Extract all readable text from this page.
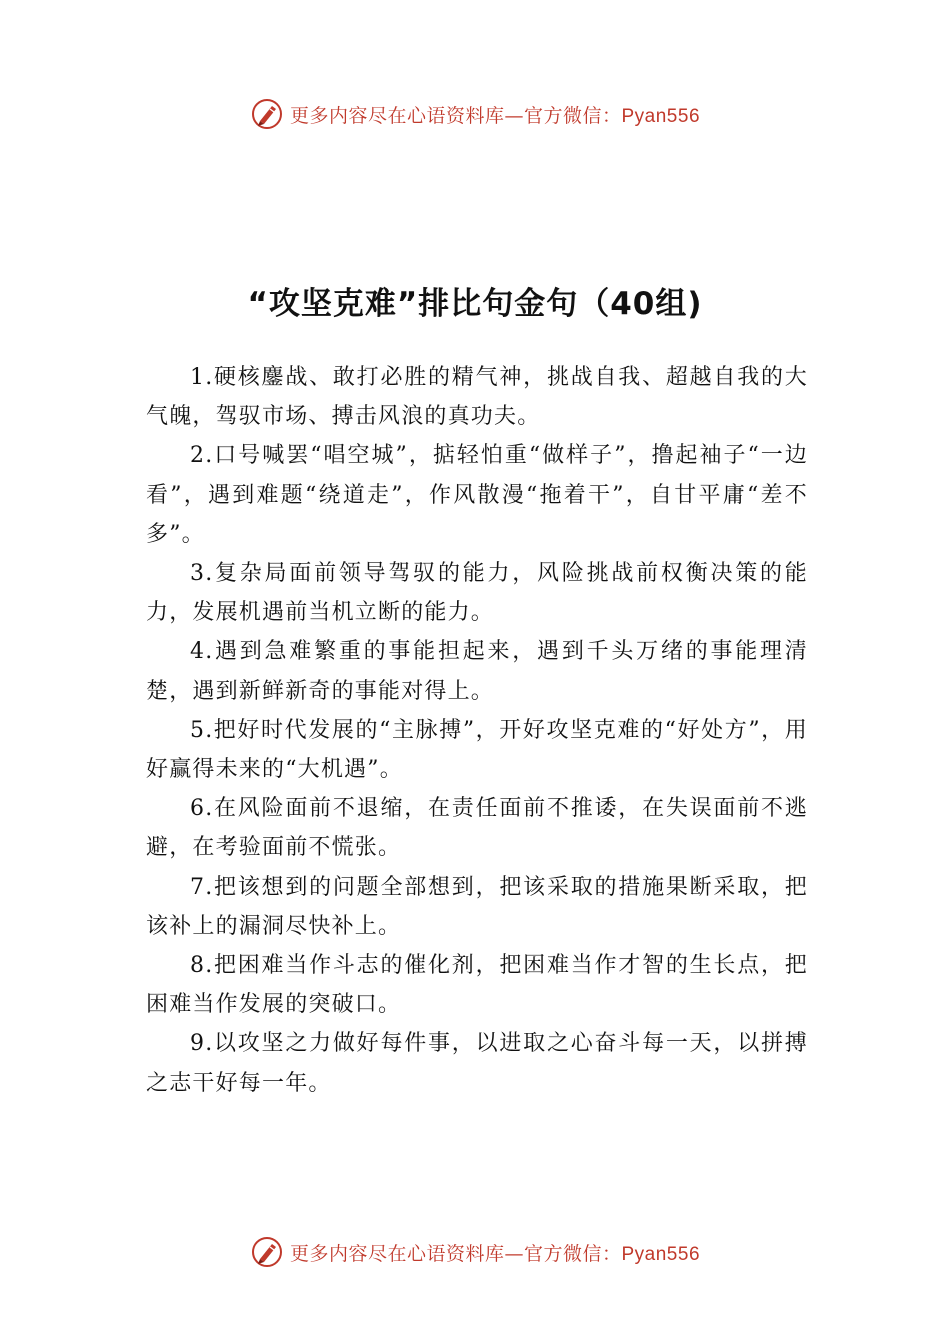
更多内容尽在心语资料库—官方微信：Pyan556
“攻坚克难”排比句金句（40组)

1.硬核鏖战、敢打必胜的精气神，挑战自我、超越自我的大气魄，驾驭市场、搏击风浪的真功夫。

2.口号喊罢“唱空城”，掂轻怕重“做样子”，撸起袖子“一边看”，遇到难题“绕道走”，作风散漫“拖着干”，自甘平庸“差不多”。

3.复杂局面前领导驾驭的能力，风险挑战前权衡决策的能力，发展机遇前当机立断的能力。

4.遇到急难繁重的事能担起来，遇到千头万绪的事能理清楚，遇到新鲜新奇的事能对得上。

5.把好时代发展的“主脉搏”，开好攻坚克难的“好处方”，用好赢得未来的“大机遇”。

6.在风险面前不退缩，在责任面前不推诿，在失误面前不逃避，在考验面前不慌张。

7.把该想到的问题全部想到，把该采取的措施果断采取，把该补上的漏洞尽快补上。

8.把困难当作斗志的催化剂，把困难当作才智的生长点，把困难当作发展的突破口。

9.以攻坚之力做好每件事，以进取之心奋斗每一天，以拼搏之志干好每一年。

更多内容尽在心语资料库—官方微信：Pyan556
